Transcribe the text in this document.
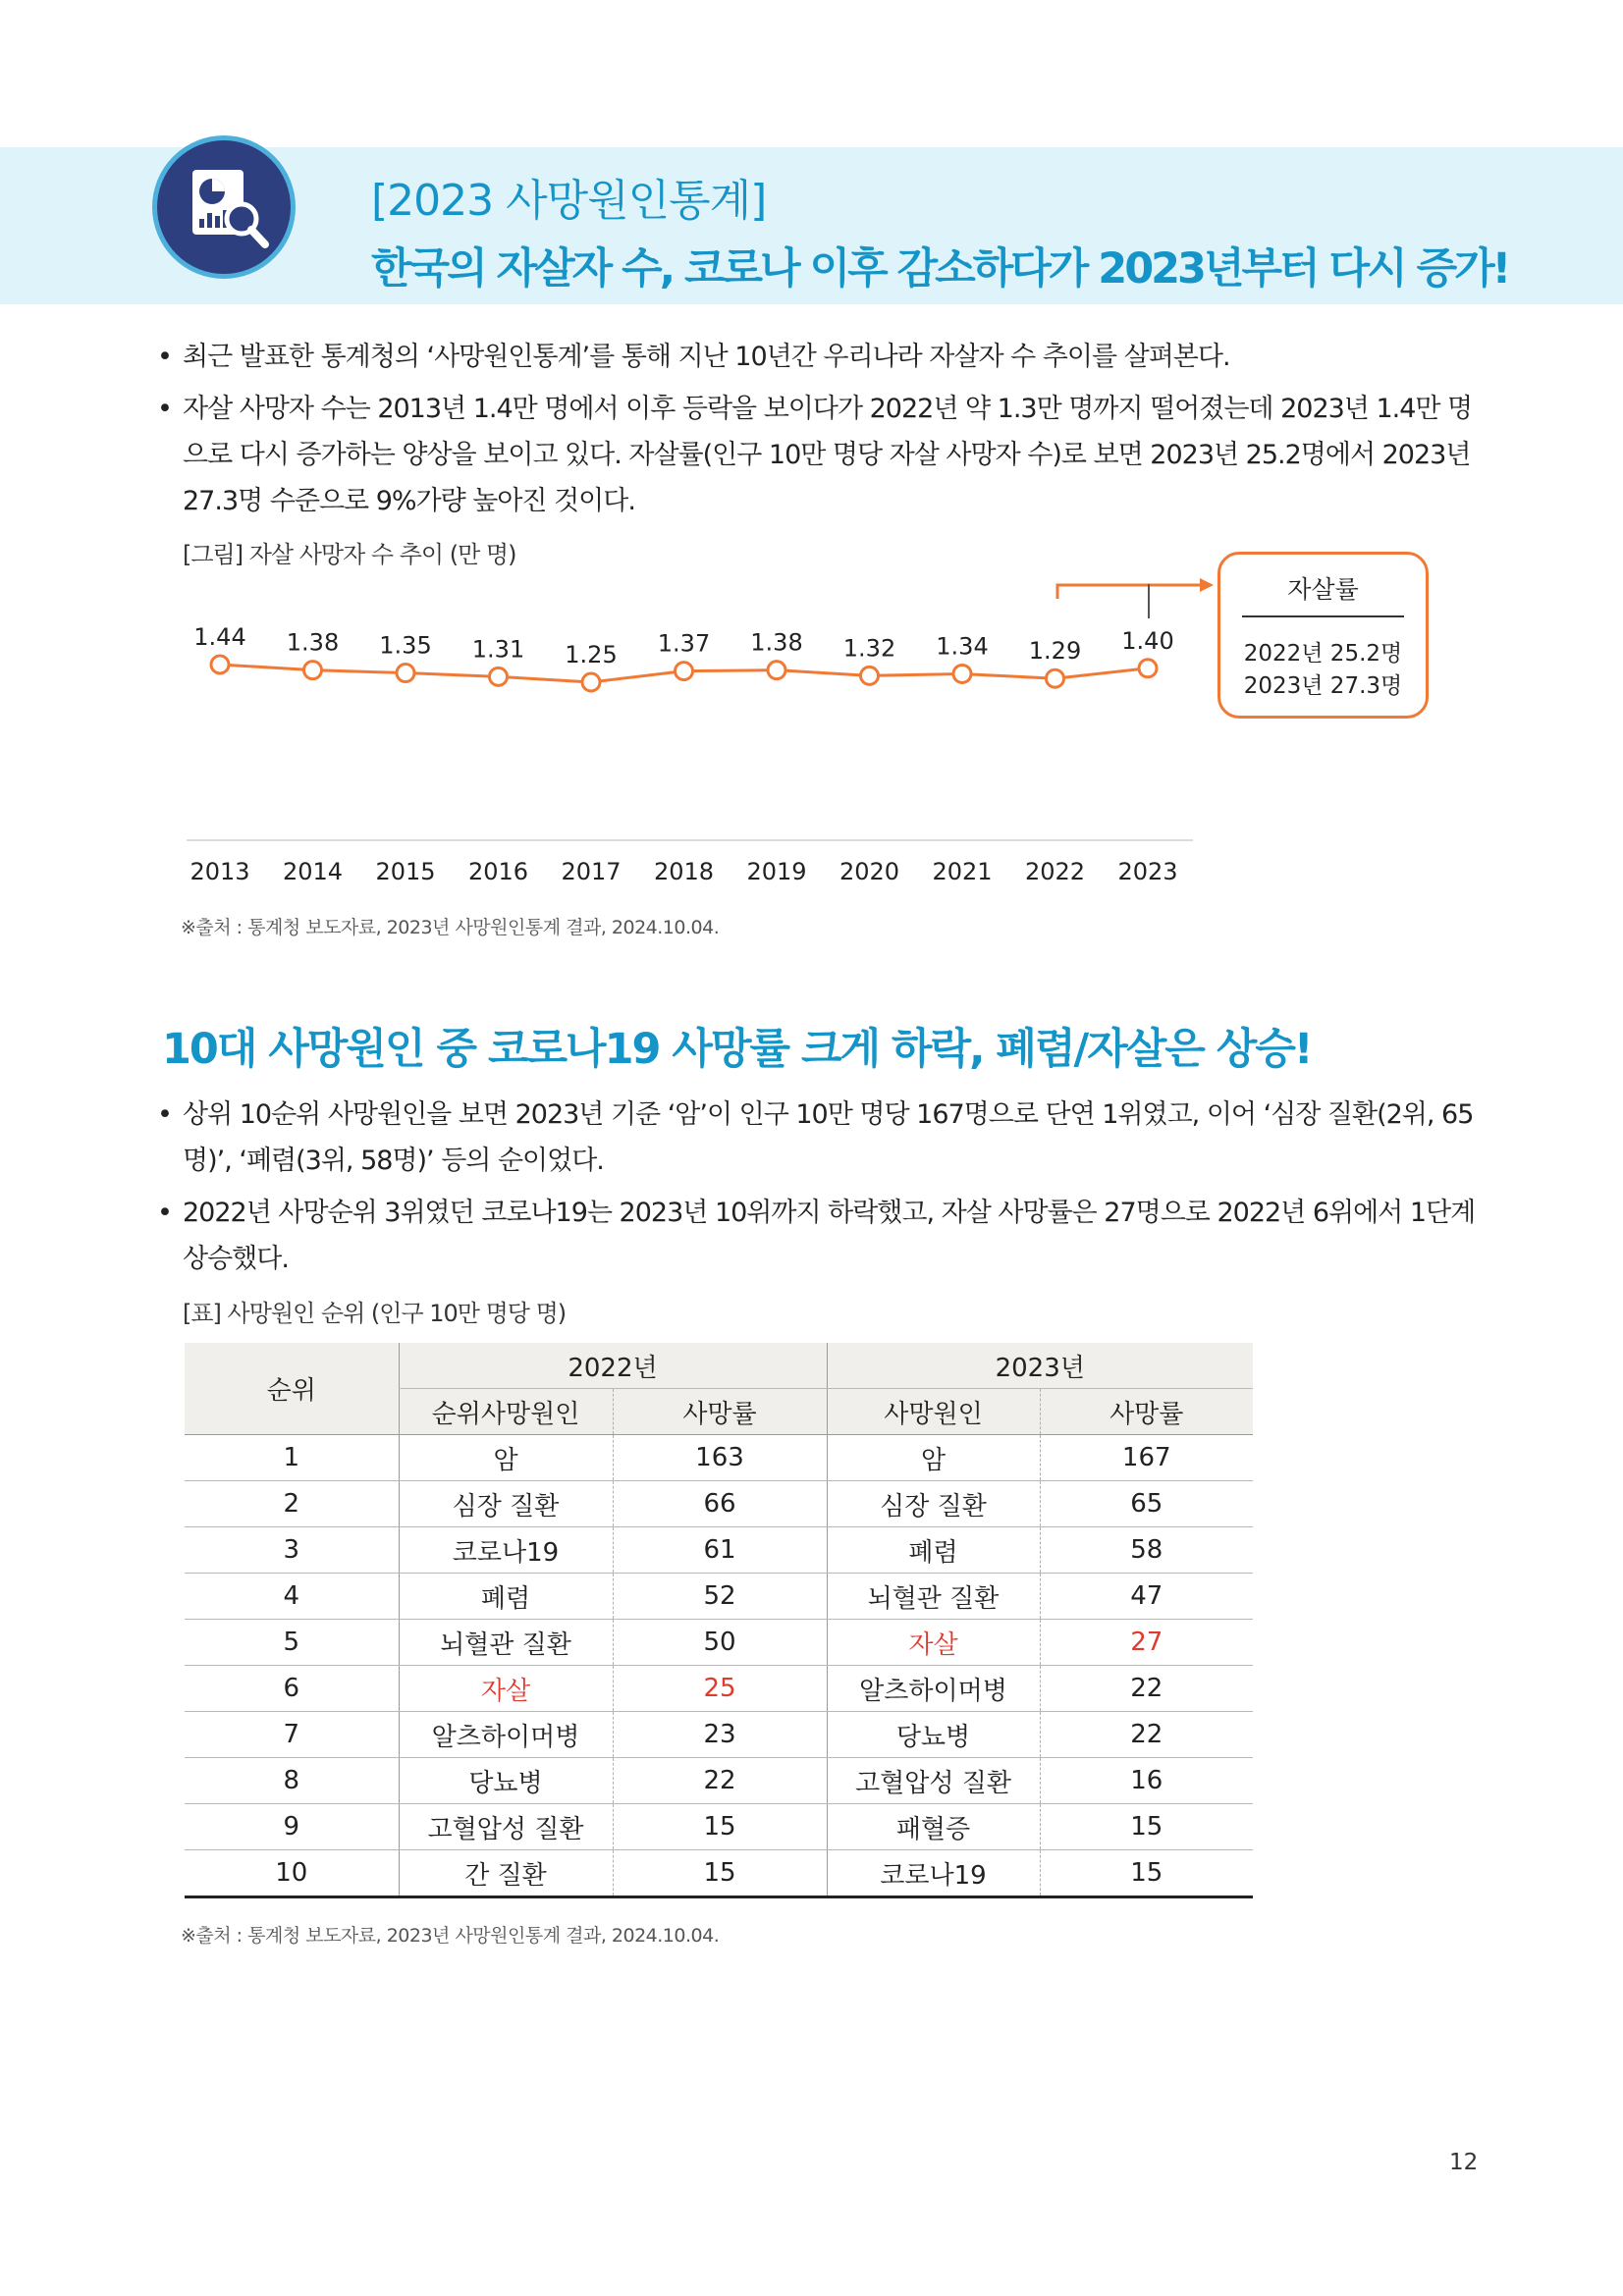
[2023 사망원인통계]
한국의 자살자 수, 코로나 이후 감소하다가 2023년부터 다시 증가!
• 최근 발표한 통계청의 ‘사망원인통계’를 통해 지난 10년간 우리나라 자살자 수 추이를 살펴본다.
• 자살 사망자 수는 2013년 1.4만 명에서 이후 등락을 보이다가 2022년 약 1.3만 명까지 떨어졌는데 2023년 1.4만 명으로 다시 증가하는 양상을 보이고 있다. 자살률(인구 10만 명당 자살 사망자 수)로 보면 2023년 25.2명에서 2023년 27.3명 수준으로 9%가량 높아진 것이다.
[그림] 자살 사망자 수 추이 (만 명)
1.44
2013
1.38
2014
1.35
2015
1.31
2016
1.25
2017
1.37
2018
1.38
2019
1.32
2020
1.34
2021
1.29
2022
1.40
2023
자살률
2022년 25.2명
2023년 27.3명
※출처 : 통계청 보도자료, 2023년 사망원인통계 결과, 2024.10.04.
10대 사망원인 중 코로나19 사망률 크게 하락, 폐렴/자살은 상승!
• 상위 10순위 사망원인을 보면 2023년 기준 ‘암’이 인구 10만 명당 167명으로 단연 1위였고, 이어 ‘심장 질환(2위, 65명)’, ‘폐렴(3위, 58명)’ 등의 순이었다.
• 2022년 사망순위 3위였던 코로나19는 2023년 10위까지 하락했고, 자살 사망률은 27명으로 2022년 6위에서 1단계 상승했다.
[표] 사망원인 순위 (인구 10만 명당 명)
순위	2022년		2023년	
	순위사망원인	사망률	사망원인	사망률
1	암	163	암	167
2	심장 질환	66	심장 질환	65
3	코로나19	61	폐렴	58
4	폐렴	52	뇌혈관 질환	47
5	뇌혈관 질환	50	자살	27
6	자살	25	알츠하이머병	22
7	알츠하이머병	23	당뇨병	22
8	당뇨병	22	고혈압성 질환	16
9	고혈압성 질환	15	패혈증	15
10	간 질환	15	코로나19	15
※출처 : 통계청 보도자료, 2023년 사망원인통계 결과, 2024.10.04.
12
